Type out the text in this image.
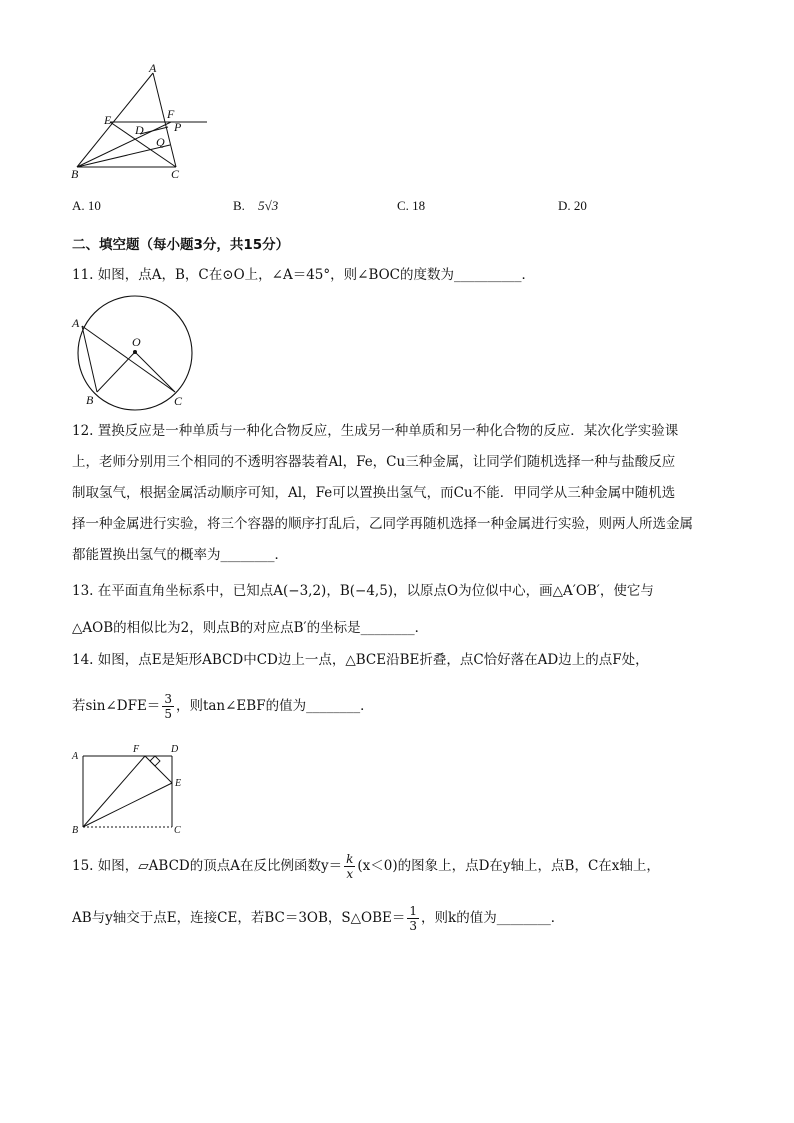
A
E	F
D	P
Q
B	C
A. 10	B. 5√3	C. 18	D. 20
二、填空题（每小题3分，共15分）
11. 如图，点A，B，C在⊙O上，∠A＝45°，则∠BOC的度数为__________．
A
O
B	C
12. 置换反应是一种单质与一种化合物反应，生成另一种单质和另一种化合物的反应．某次化学实验课
上，老师分别用三个相同的不透明容器装着Al，Fe，Cu三种金属，让同学们随机选择一种与盐酸反应
制取氢气，根据金属活动顺序可知，Al，Fe可以置换出氢气，而Cu不能．甲同学从三种金属中随机选
择一种金属进行实验，将三个容器的顺序打乱后，乙同学再随机选择一种金属进行实验，则两人所选金属
都能置换出氢气的概率为________．
13. 在平面直角坐标系中，已知点A(−3,2)，B(−4,5)，以原点O为位似中心，画△A′OB′，使它与
△AOB的相似比为2，则点B的对应点B′的坐标是________．
14. 如图，点E是矩形ABCD中CD边上一点，△BCE沿BE折叠，点C恰好落在AD边上的点F处，
若sin∠DFE＝ $\frac{3}{5}$ ，则tan∠EBF的值为________．
A
F	D
E
B	C
15. 如图，▱ABCD的顶点A在反比例函数$y= \frac{k}{x} (x<0)$的图象上，点D在y轴上，点B，C在x轴上，
AB与y轴交于点E，连接CE，若BC＝3OB，S△OBE＝ $\frac{1}{3}$ ，则k的值为________．
